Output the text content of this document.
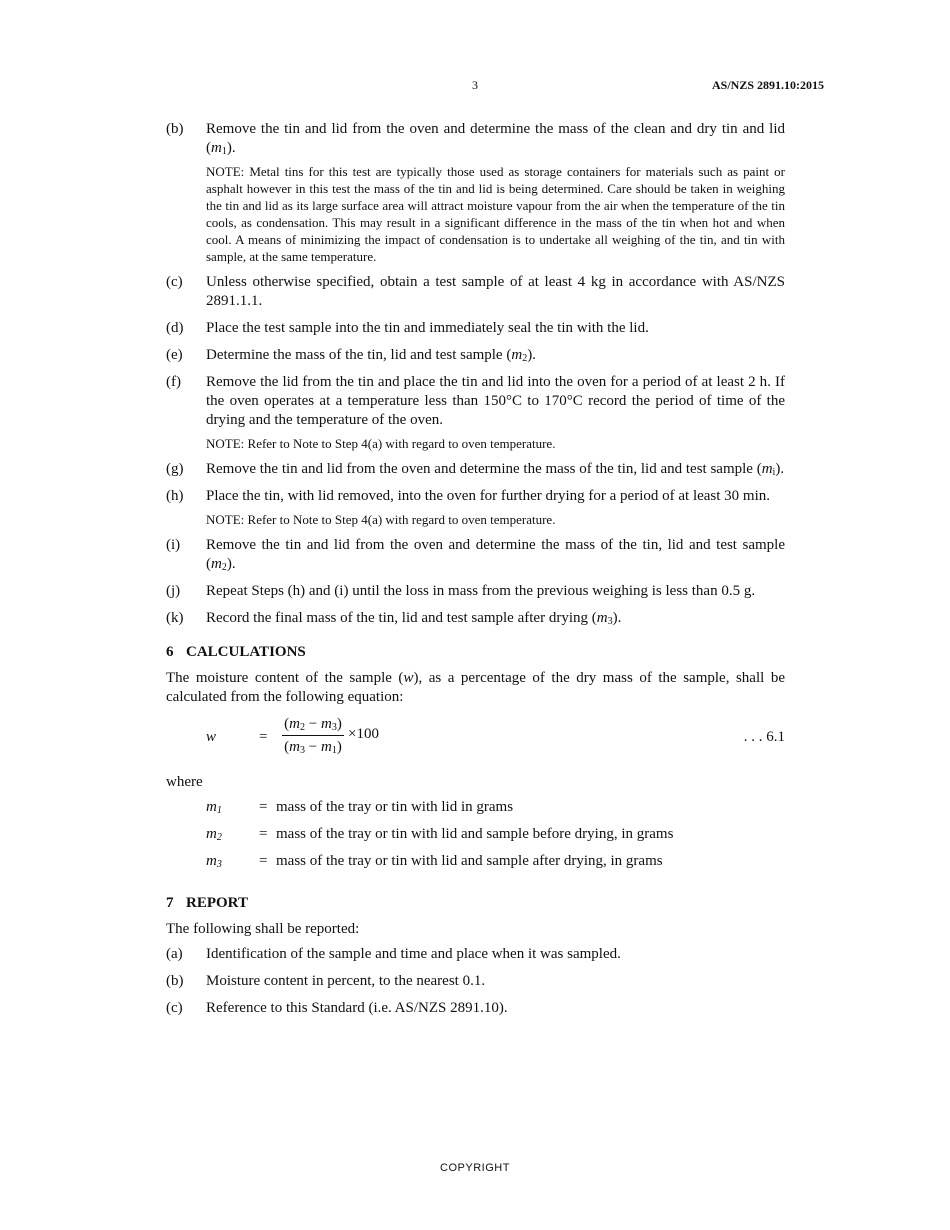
3	AS/NZS 2891.10:2015
(b) Remove the tin and lid from the oven and determine the mass of the clean and dry tin and lid $(m_1)$.
NOTE: Metal tins for this test are typically those used as storage containers for materials such as paint or asphalt however in this test the mass of the tin and lid is being determined. Care should be taken in weighing the tin and lid as its large surface area will attract moisture vapour from the air when the temperature of the tin cools, as condensation. This may result in a significant difference in the mass of the tin when hot and when cool. A means of minimizing the impact of condensation is to undertake all weighing of the tin, and tin with sample, at the same temperature.
(c) Unless otherwise specified, obtain a test sample of at least 4 kg in accordance with AS/NZS 2891.1.1.
(d) Place the test sample into the tin and immediately seal the tin with the lid.
(e) Determine the mass of the tin, lid and test sample $(m_2)$.
(f) Remove the lid from the tin and place the tin and lid into the oven for a period of at least 2 h. If the oven operates at a temperature less than 150°C to 170°C record the period of time of the drying and the temperature of the oven.
NOTE: Refer to Note to Step 4(a) with regard to oven temperature.
(g) Remove the tin and lid from the oven and determine the mass of the tin, lid and test sample $(m_i)$.
(h) Place the tin, with lid removed, into the oven for further drying for a period of at least 30 min.
NOTE: Refer to Note to Step 4(a) with regard to oven temperature.
(i) Remove the tin and lid from the oven and determine the mass of the tin, lid and test sample $(m_2)$.
(j) Repeat Steps (h) and (i) until the loss in mass from the previous weighing is less than 0.5 g.
(k) Record the final mass of the tin, lid and test sample after drying $(m_3)$.
6 CALCULATIONS
The moisture content of the sample (w), as a percentage of the dry mass of the sample, shall be calculated from the following equation:
w	=
$(m_2 - m_3)$
$(m_3 - m_1)$
×100	. . . 6.1
where
$m_1$ = mass of the tray or tin with lid in grams
$m_2$ = mass of the tray or tin with lid and sample before drying, in grams
$m_3$ = mass of the tray or tin with lid and sample after drying, in grams
7 REPORT
The following shall be reported:
(a) Identification of the sample and time and place when it was sampled.
(b) Moisture content in percent, to the nearest 0.1.
(c) Reference to this Standard (i.e. AS/NZS 2891.10).
COPYRIGHT
